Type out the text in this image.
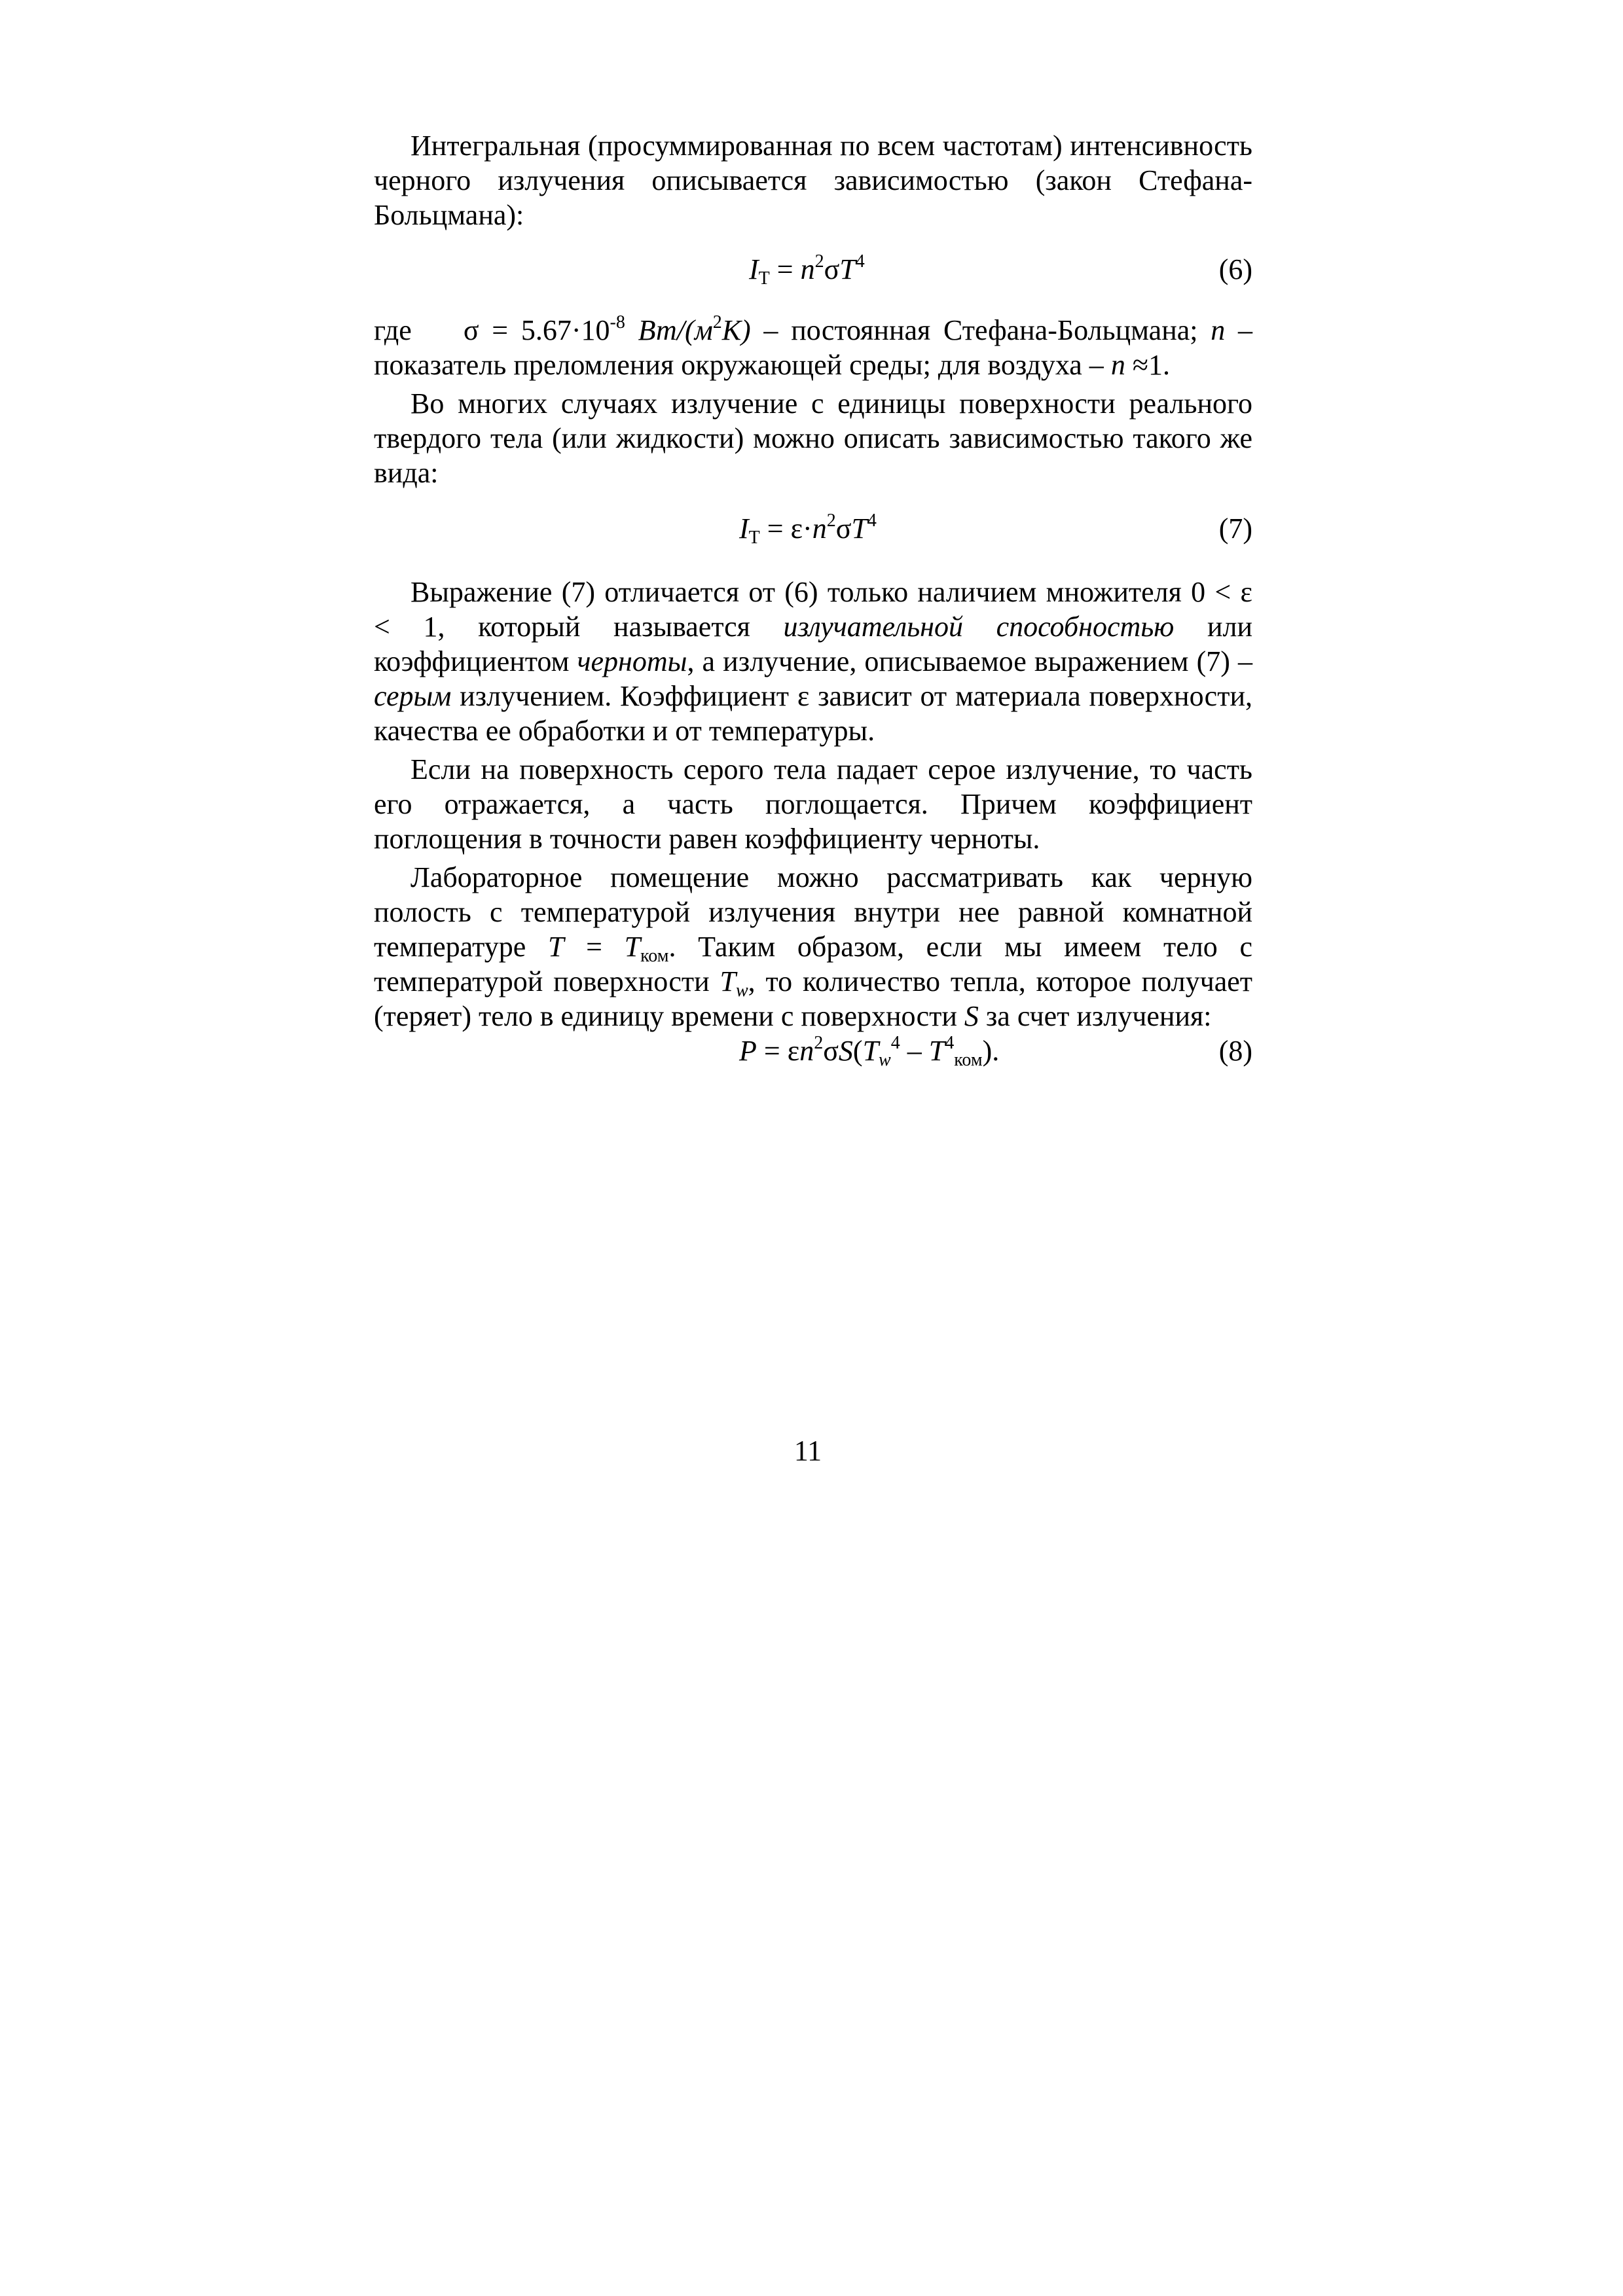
Интегральная (просуммированная по всем частотам) интенсивность черного излучения описывается зависимостью (закон Стефана-Больцмана):

$I_Т = n^2\sigma T^4$	(6)

где $\sigma = 5.67\cdot 10^{-8}$ $Вт/(м^2К)$ – постоянная Стефана-Больцмана; n – показатель преломления окружающей среды; для воздуха – n ≈1.

Во многих случаях излучение с единицы поверхности реального твердого тела (или жидкости) можно описать зависимостью такого же вида:

$I_Т = \varepsilon\cdot n^2\sigma T^4$	(7)

Выражение (7) отличается от (6) только наличием множителя 0 < ε < 1, который называется излучательной способностью или коэффициентом черноты, а излучение, описываемое выражением (7) – серым излучением. Коэффициент ε зависит от материала поверхности, качества ее обработки и от температуры.

Если на поверхность серого тела падает серое излучение, то часть его отражается, а часть поглощается. Причем коэффициент поглощения в точности равен коэффициенту черноты.

Лабораторное помещение можно рассматривать как черную полость с температурой излучения внутри нее равной комнатной температуре $T = T_{ком}$. Таким образом, если мы имеем тело с температурой поверхности $T_w$, то количество тепла, которое получает (теряет) тело в единицу времени с поверхности S за счет излучения:

$P = \varepsilon n^2\sigma S(T_w^4 - T^4_{ком})$.	(8)
11
